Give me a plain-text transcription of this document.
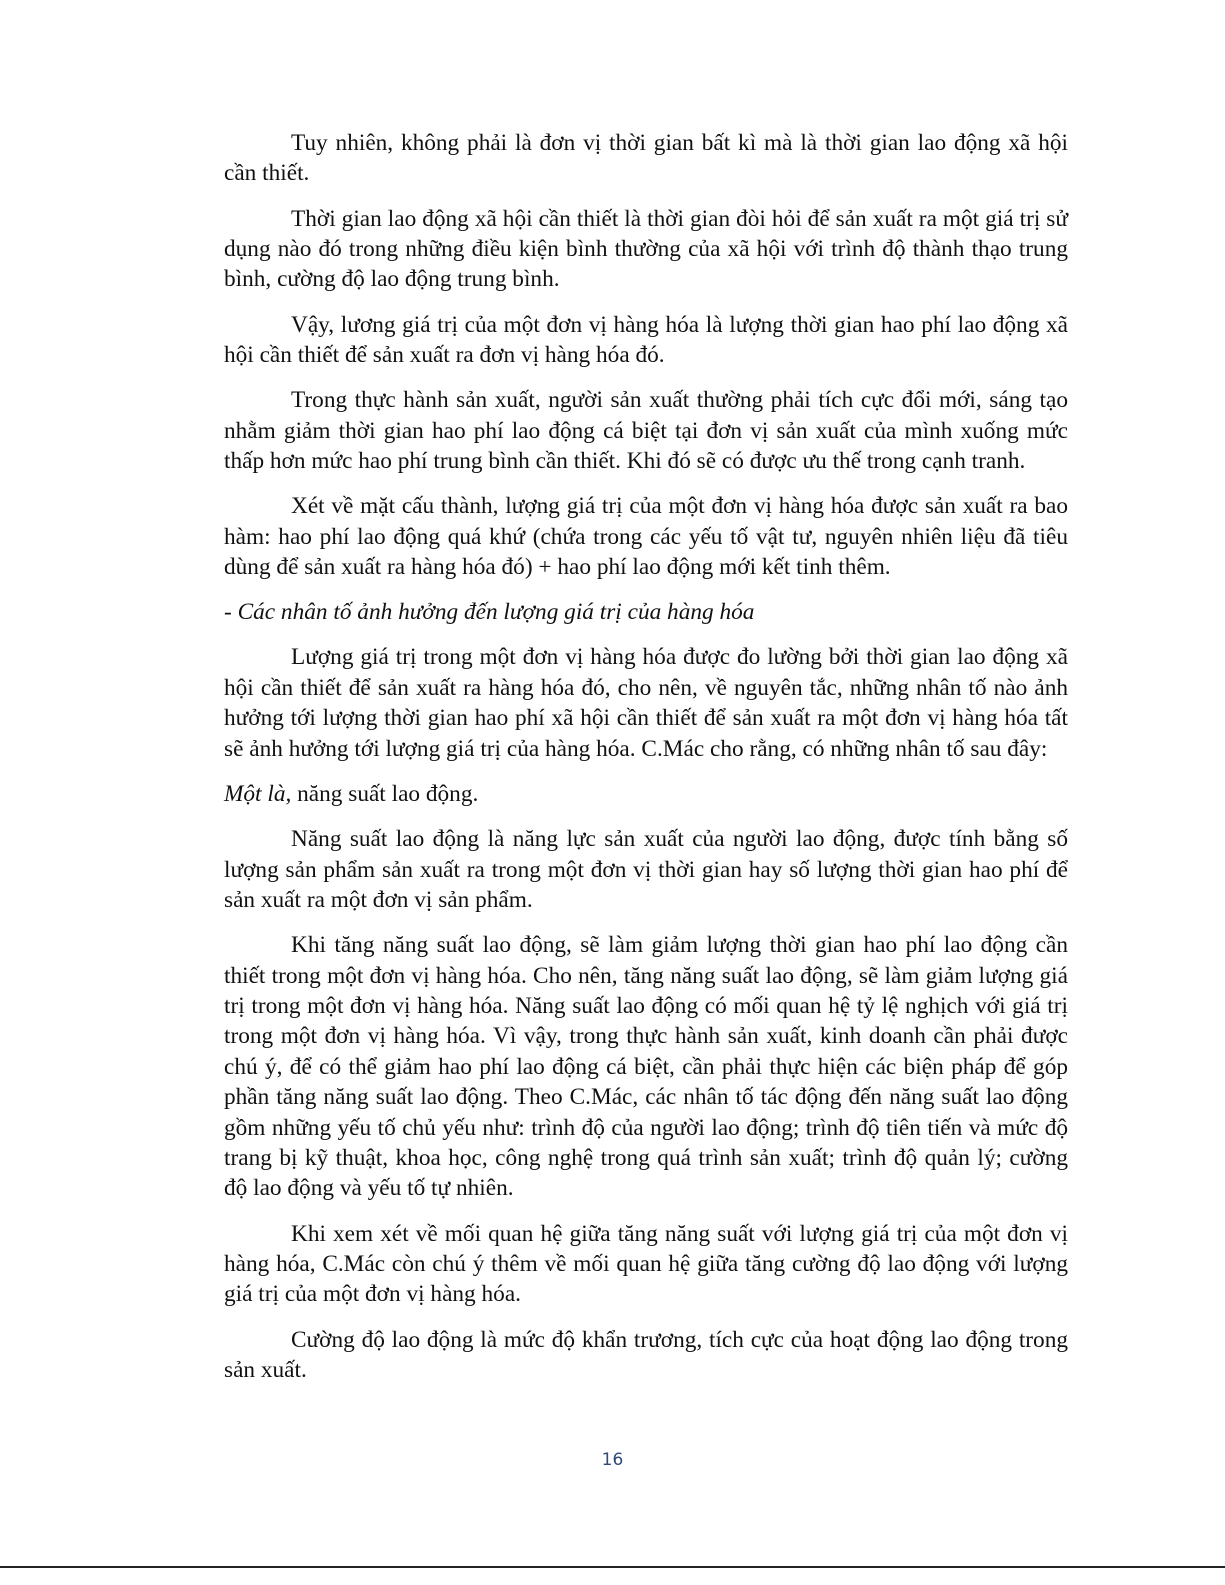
Tuy nhiên, không phải là đơn vị thời gian bất kì mà là thời gian lao động xã hội cần thiết.

Thời gian lao động xã hội cần thiết là thời gian đòi hỏi để sản xuất ra một giá trị sử dụng nào đó trong những điều kiện bình thường của xã hội với trình độ thành thạo trung bình, cường độ lao động trung bình.

Vậy, lương giá trị của một đơn vị hàng hóa là lượng thời gian hao phí lao động xã hội cần thiết để sản xuất ra đơn vị hàng hóa đó.

Trong thực hành sản xuất, người sản xuất thường phải tích cực đổi mới, sáng tạo nhằm giảm thời gian hao phí lao động cá biệt tại đơn vị sản xuất của mình xuống mức thấp hơn mức hao phí trung bình cần thiết. Khi đó sẽ có được ưu thế trong cạnh tranh.

Xét về mặt cấu thành, lượng giá trị của một đơn vị hàng hóa được sản xuất ra bao hàm: hao phí lao động quá khứ (chứa trong các yếu tố vật tư, nguyên nhiên liệu đã tiêu dùng để sản xuất ra hàng hóa đó) + hao phí lao động mới kết tinh thêm.

- Các nhân tố ảnh hưởng đến lượng giá trị của hàng hóa

Lượng giá trị trong một đơn vị hàng hóa được đo lường bởi thời gian lao động xã hội cần thiết để sản xuất ra hàng hóa đó, cho nên, về nguyên tắc, những nhân tố nào ảnh hưởng tới lượng thời gian hao phí xã hội cần thiết để sản xuất ra một đơn vị hàng hóa tất sẽ ảnh hưởng tới lượng giá trị của hàng hóa. C.Mác cho rằng, có những nhân tố sau đây:

Một là, năng suất lao động.

Năng suất lao động là năng lực sản xuất của người lao động, được tính bằng số lượng sản phẩm sản xuất ra trong một đơn vị thời gian hay số lượng thời gian hao phí để sản xuất ra một đơn vị sản phẩm.

Khi tăng năng suất lao động, sẽ làm giảm lượng thời gian hao phí lao động cần thiết trong một đơn vị hàng hóa. Cho nên, tăng năng suất lao động, sẽ làm giảm lượng giá trị trong một đơn vị hàng hóa. Năng suất lao động có mối quan hệ tỷ lệ nghịch với giá trị trong một đơn vị hàng hóa. Vì vậy, trong thực hành sản xuất, kinh doanh cần phải được chú ý, để có thể giảm hao phí lao động cá biệt, cần phải thực hiện các biện pháp để góp phần tăng năng suất lao động. Theo C.Mác, các nhân tố tác động đến năng suất lao động gồm những yếu tố chủ yếu như: trình độ của người lao động; trình độ tiên tiến và mức độ trang bị kỹ thuật, khoa học, công nghệ trong quá trình sản xuất; trình độ quản lý; cường độ lao động và yếu tố tự nhiên.

Khi xem xét về mối quan hệ giữa tăng năng suất với lượng giá trị của một đơn vị hàng hóa, C.Mác còn chú ý thêm về mối quan hệ giữa tăng cường độ lao động với lượng giá trị của một đơn vị hàng hóa.

Cường độ lao động là mức độ khẩn trương, tích cực của hoạt động lao động trong sản xuất.

16
